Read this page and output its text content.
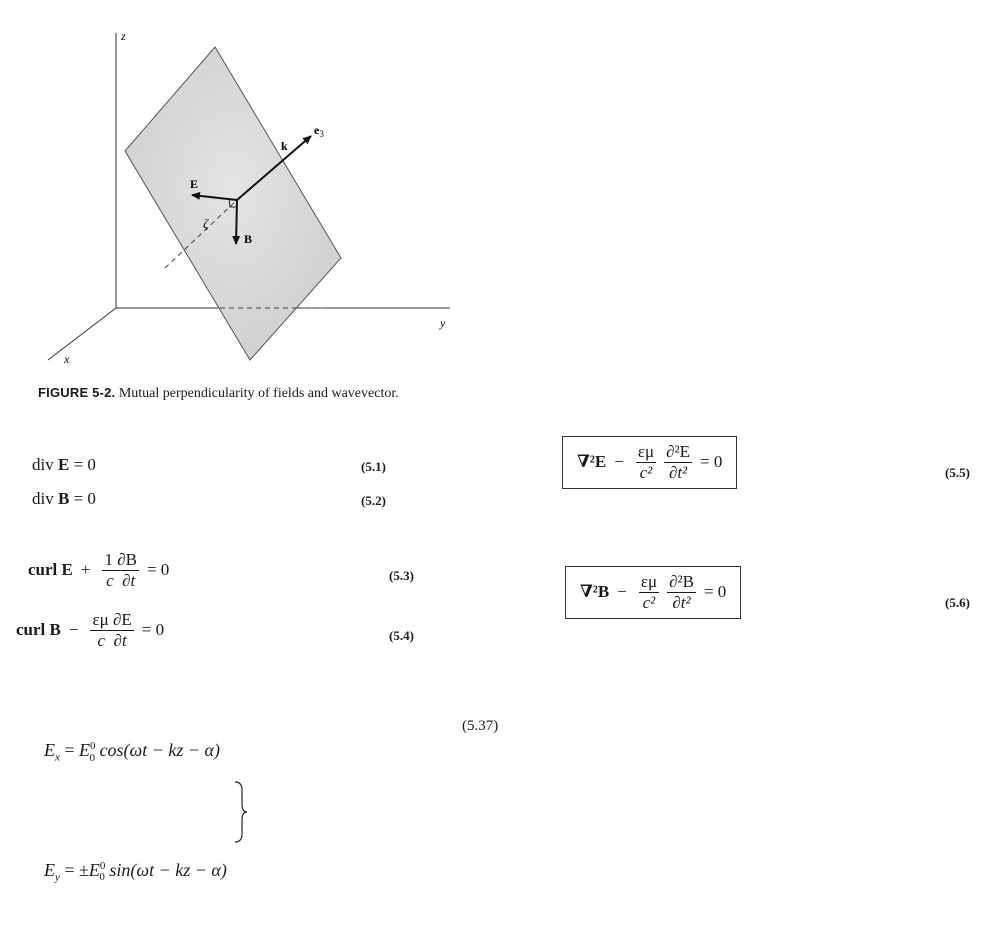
z
y
x
k
$e_3$
E
B
ζ
FIGURE 5-2. Mutual perpendicularity of fields and wavevector.
div E = 0	(5.1)
div B = 0	(5.2)
curl $E + \frac{1 \partial B}{c \partial t} = 0$	(5.3)
curl $B - \frac{\varepsilon\mu \partial E}{c \partial t} = 0$	(5.4)
$\nabla^2E - \frac{\varepsilon\mu}{\text{c²}} \frac{\text{∂²E}}{\text{∂t²}} = 0$
(5.5)
$\nabla^2B - \frac{\varepsilon\mu}{\text{c²}} \frac{\text{∂²B}}{\text{∂t²}} = 0$
(5.6)

$E_x = E^0_0$ cos(ωt − kz − α)

$E_y = \pm E^0_0$ sin(ωt − kz − α)

(5.37)
